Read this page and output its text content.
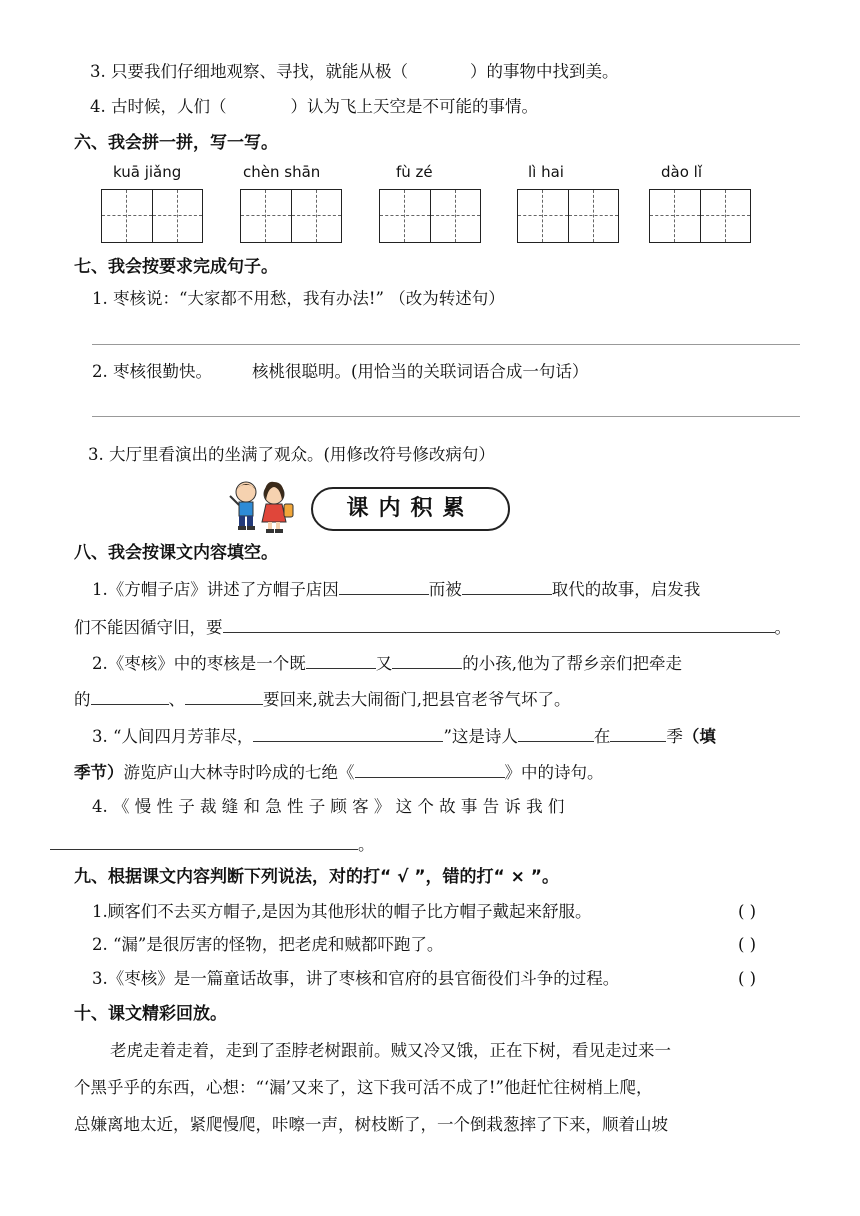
3. 只要我们仔细地观察、寻找，就能从极（	）的事物中找到美。
4. 古时候，人们（	）认为飞上天空是不可能的事情。
六、我会拼一拼，写一写。
kuā jiǎng	chèn shān	fù zé	lì hai	dào lǐ
七、我会按要求完成句子。
1. 枣核说：“大家都不用愁，我有办法!” （改为转述句）
2. 枣核很勤快。 核桃很聪明。(用恰当的关联词语合成一句话）
3. 大厅里看演出的坐满了观众。(用修改符号修改病句）
课内积累
八、我会按课文内容填空。
1.《方帽子店》讲述了方帽子店因	而被	取代的故事，启发我
们不能因循守旧，要	。
2.《枣核》中的枣核是一个既	又	的小孩,他为了帮乡亲们把牵走
的	、	要回来,就去大闹衙门,把县官老爷气坏了。
3. “人间四月芳菲尽，	”这是诗人	在	季（填
季节）游览庐山大林寺时吟成的七绝《	》中的诗句。
4. 《 慢 性 子 裁 缝 和 急 性 子 顾 客 》 这 个 故 事 告 诉 我 们
。
九、根据课文内容判断下列说法，对的打“ √ ”，错的打“ × ”。
1.顾客们不去买方帽子,是因为其他形状的帽子比方帽子戴起来舒服。	( )
2. “漏”是很厉害的怪物，把老虎和贼都吓跑了。	( )
3.《枣核》是一篇童话故事，讲了枣核和官府的县官衙役们斗争的过程。	( )
十、课文精彩回放。
老虎走着走着，走到了歪脖老树跟前。贼又冷又饿，正在下树，看见走过来一
个黑乎乎的东西，心想：“‘漏’又来了，这下我可活不成了!”他赶忙往树梢上爬，
总嫌离地太近，紧爬慢爬，咔嚓一声，树枝断了，一个倒栽葱摔了下来，顺着山坡
